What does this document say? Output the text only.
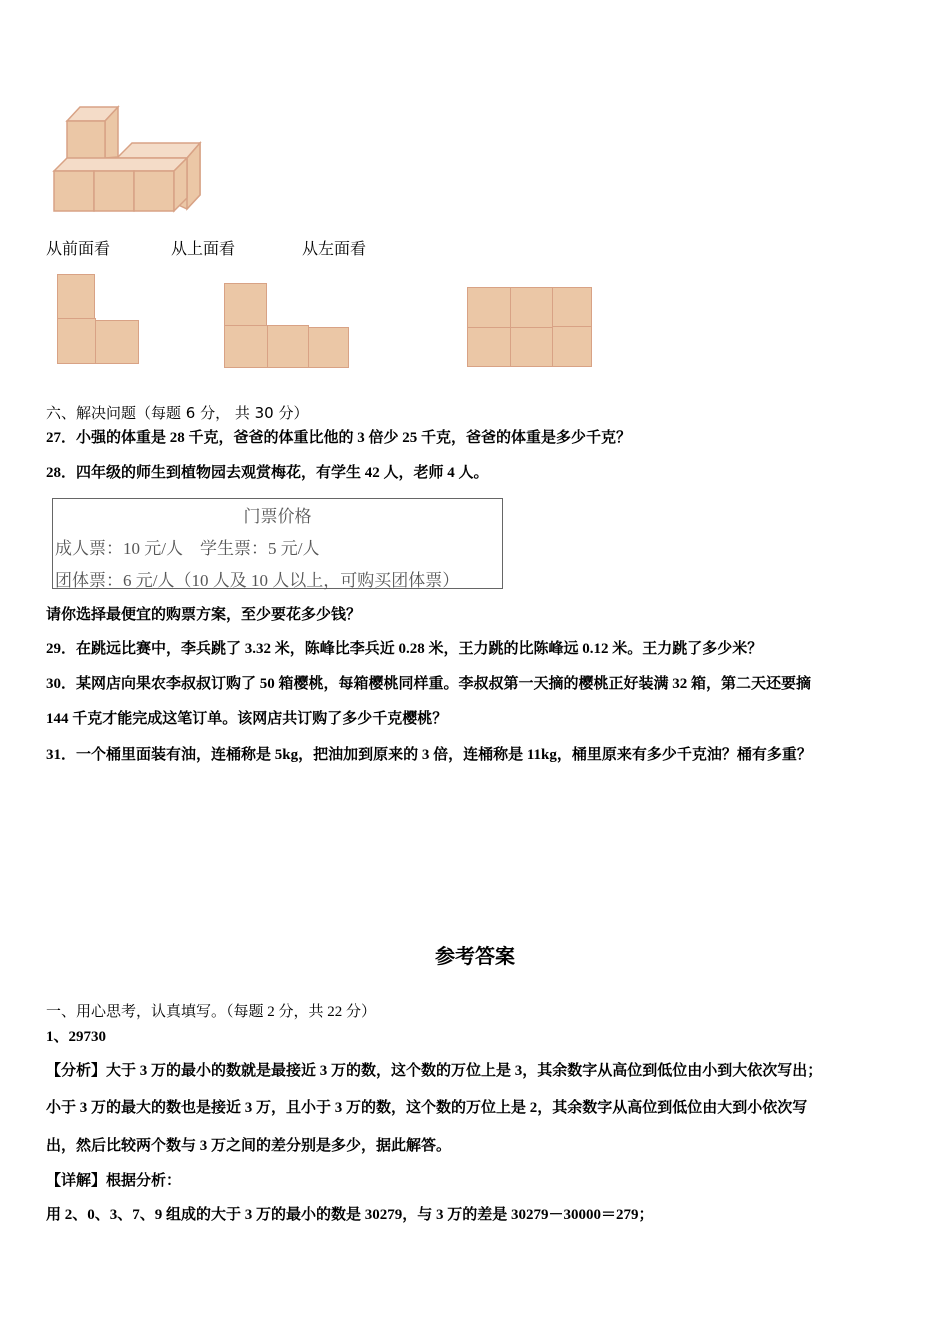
从前面看	从上面看	从左面看
六、解决问题（每题 6 分， 共 30 分）
27．小强的体重是 28 千克，爸爸的体重比他的 3 倍少 25 千克，爸爸的体重是多少千克？
28．四年级的师生到植物园去观赏梅花，有学生 42 人，老师 4 人。
门票价格
成人票：10 元/人　学生票：5 元/人
团体票：6 元/人（10 人及 10 人以上，可购买团体票）
请你选择最便宜的购票方案，至少要花多少钱？
29．在跳远比赛中，李兵跳了 3.32 米，陈峰比李兵近 0.28 米，王力跳的比陈峰远 0.12 米。王力跳了多少米？
30．某网店向果农李叔叔订购了 50 箱樱桃，每箱樱桃同样重。李叔叔第一天摘的樱桃正好装满 32 箱，第二天还要摘
144 千克才能完成这笔订单。该网店共订购了多少千克樱桃？
31．一个桶里面装有油，连桶称是 5kg，把油加到原来的 3 倍，连桶称是 11kg，桶里原来有多少千克油？桶有多重？
参考答案
一、用心思考，认真填写。（每题 2 分，共 22 分）
1、29730
【分析】大于 3 万的最小的数就是最接近 3 万的数，这个数的万位上是 3，其余数字从高位到低位由小到大依次写出；
小于 3 万的最大的数也是接近 3 万，且小于 3 万的数，这个数的万位上是 2，其余数字从高位到低位由大到小依次写
出，然后比较两个数与 3 万之间的差分别是多少，据此解答。
【详解】根据分析：
用 2、0、3、7、9 组成的大于 3 万的最小的数是 30279，与 3 万的差是 30279－30000＝279；
